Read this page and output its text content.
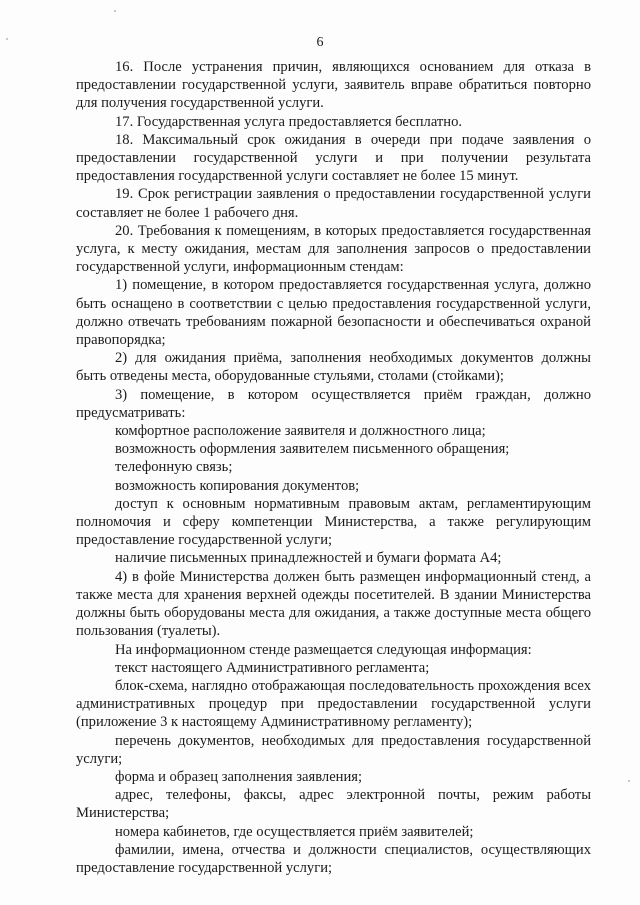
6

16. После устранения причин, являющихся основанием для отказа в предоставлении государственной услуги, заявитель вправе обратиться повторно для получения государственной услуги.

17. Государственная услуга предоставляется бесплатно.

18. Максимальный срок ожидания в очереди при подаче заявления о предоставлении государственной услуги и при получении результата предоставления государственной услуги составляет не более 15 минут.

19. Срок регистрации заявления о предоставлении государственной услуги составляет не более 1 рабочего дня.

20. Требования к помещениям, в которых предоставляется государственная услуга, к месту ожидания, местам для заполнения запросов о предоставлении государственной услуги, информационным стендам:

1) помещение, в котором предоставляется государственная услуга, должно быть оснащено в соответствии с целью предоставления государственной услуги, должно отвечать требованиям пожарной безопасности и обеспечиваться охраной правопорядка;

2) для ожидания приёма, заполнения необходимых документов должны быть отведены места, оборудованные стульями, столами (стойками);

3) помещение, в котором осуществляется приём граждан, должно предусматривать:

комфортное расположение заявителя и должностного лица;

возможность оформления заявителем письменного обращения;

телефонную связь;

возможность копирования документов;

доступ к основным нормативным правовым актам, регламентирующим полномочия и сферу компетенции Министерства, а также регулирующим предоставление государственной услуги;

наличие письменных принадлежностей и бумаги формата А4;

4) в фойе Министерства должен быть размещен информационный стенд, а также места для хранения верхней одежды посетителей. В здании Министерства должны быть оборудованы места для ожидания, а также доступные места общего пользования (туалеты).

На информационном стенде размещается следующая информация:

текст настоящего Административного регламента;

блок-схема, наглядно отображающая последовательность прохождения всех административных процедур при предоставлении государственной услуги (приложение 3 к настоящему Административному регламенту);

перечень документов, необходимых для предоставления государственной услуги;

форма и образец заполнения заявления;

адрес, телефоны, факсы, адрес электронной почты, режим работы Министерства;

номера кабинетов, где осуществляется приём заявителей;

фамилии, имена, отчества и должности специалистов, осуществляющих предоставление государственной услуги;
